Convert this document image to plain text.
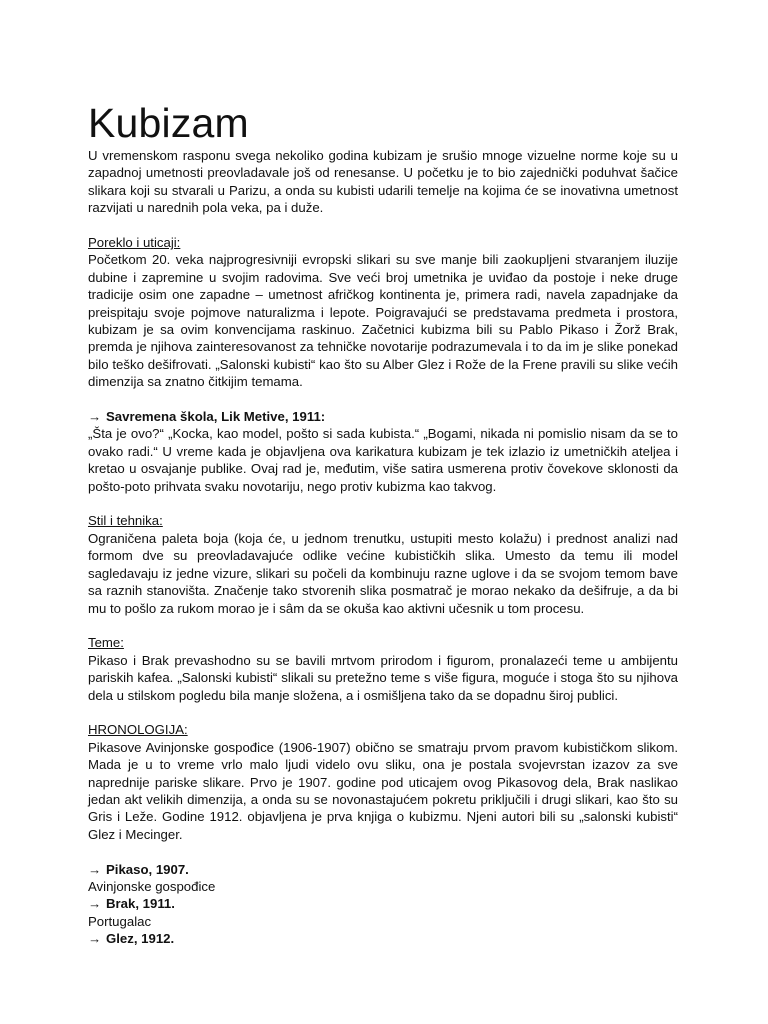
Kubizam

U vremenskom rasponu svega nekoliko godina kubizam je srušio mnoge vizuelne norme koje su u zapadnoj umetnosti preovladavale još od renesanse. U početku je to bio zajednički poduhvat šačice slikara koji su stvarali u Parizu, a onda su kubisti udarili temelje na kojima će se inovativna umetnost razvijati u narednih pola veka, pa i duže.

Poreklo i uticaji:

Početkom 20. veka najprogresivniji evropski slikari su sve manje bili zaokupljeni stvaranjem iluzije dubine i zapremine u svojim radovima. Sve veći broj umetnika je uviđao da postoje i neke druge tradicije osim one zapadne – umetnost afričkog kontinenta je, primera radi, navela zapadnjake da preispitaju svoje pojmove naturalizma i lepote. Poigravajući se predstavama predmeta i prostora, kubizam je sa ovim konvencijama raskinuo. Začetnici kubizma bili su Pablo Pikaso i Žorž Brak, premda je njihova zainteresovanost za tehničke novotarije podrazumevala i to da im je slike ponekad bilo teško dešifrovati. „Salonski kubisti“ kao što su Alber Glez i Rože de la Frene pravili su slike većih dimenzija sa znatno čitkijim temama.

→ Savremena škola, Lik Metive, 1911:

„Šta je ovo?“ „Kocka, kao model, pošto si sada kubista.“ „Bogami, nikada ni pomislio nisam da se to ovako radi.“ U vreme kada je objavljena ova karikatura kubizam je tek izlazio iz umetničkih ateljea i kretao u osvajanje publike. Ovaj rad je, međutim, više satira usmerena protiv čovekove sklonosti da pošto-poto prihvata svaku novotariju, nego protiv kubizma kao takvog.

Stil i tehnika:

Ograničena paleta boja (koja će, u jednom trenutku, ustupiti mesto kolažu) i prednost analizi nad formom dve su preovladavajuće odlike većine kubističkih slika. Umesto da temu ili model sagledavaju iz jedne vizure, slikari su počeli da kombinuju razne uglove i da se svojom temom bave sa raznih stanovišta. Značenje tako stvorenih slika posmatrač je morao nekako da dešifruje, a da bi mu to pošlo za rukom morao je i sâm da se okuša kao aktivni učesnik u tom procesu.

Teme:

Pikaso i Brak prevashodno su se bavili mrtvom prirodom i figurom, pronalazeći teme u ambijentu pariskih kafea. „Salonski kubisti“ slikali su pretežno teme s više figura, moguće i stoga što su njihova dela u stilskom pogledu bila manje složena, a i osmišljena tako da se dopadnu široj publici.

HRONOLOGIJA:

Pikasove Avinjonske gospođice (1906-1907) obično se smatraju prvom pravom kubističkom slikom. Mada je u to vreme vrlo malo ljudi videlo ovu sliku, ona je postala svojevrstan izazov za sve naprednije pariske slikare. Prvo je 1907. godine pod uticajem ovog Pikasovog dela, Brak naslikao jedan akt velikih dimenzija, a onda su se novonastajućem pokretu priključili i drugi slikari, kao što su Gris i Leže. Godine 1912. objavljena je prva knjiga o kubizmu. Njeni autori bili su „salonski kubisti“ Glez i Mecinger.

→ Pikaso, 1907.

Avinjonske gospođice

→ Brak, 1911.

Portugalac

→ Glez, 1912.
